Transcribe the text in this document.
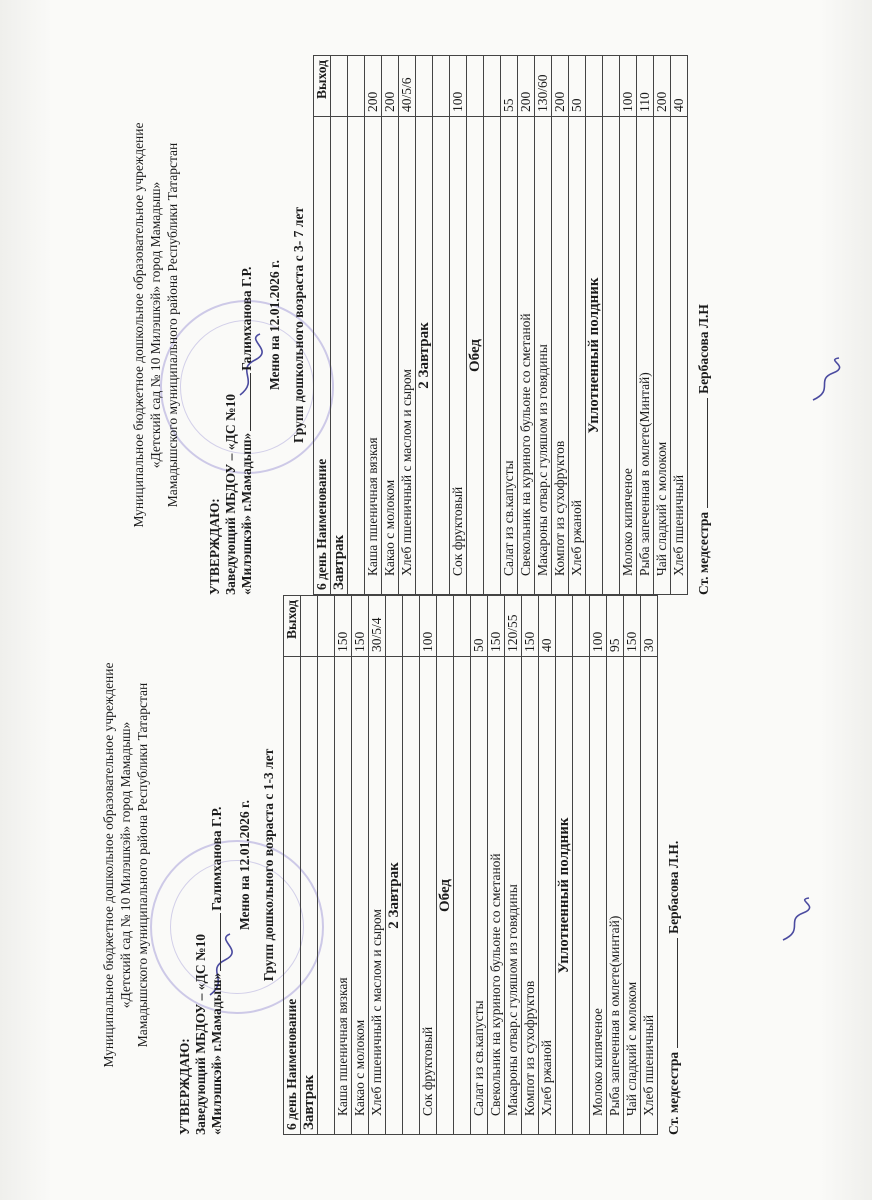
Муниципальное бюджетное дошкольное образовательное учреждение «Детский сад № 10 Милэшкэй» город Мамадыш» Мамадышского муниципального района Республики Татарстан
УТВЕРЖДАЮ: Заведующий МБДОУ – «ДС №10 «Милэшкэй» г.Мамадыш»Галимханова Г.Р. Меню на 12.01.2026 г. Групп дошкольного возраста с 1-3 лет
6 день Наименование	Выход
Завтрак	

Каша пшеничная вязкая	150
Какао с молоком	150
Хлеб пшеничный с маслом и сыром	30/5/4
2 Завтрак	

Сок фруктовый	100
Обед	

Салат из св.капусты	50
Свекольник на куриного бульоне со сметаной	150
Макароны отвар.с гуляшом из говядины	120/55
Компот из сухофруктов	150
Хлеб ржаной	40
Уплотненный полдник	

Молоко кипяченое	100
Рыба запеченная в омлете(минтай)	95
Чай сладкий с молоком	150
Хлеб пшеничный	30
Ст. медсестраБербасова Л.Н.
Муниципальное бюджетное дошкольное образовательное учреждение «Детский сад № 10 Милэшкэй» город Мамадыш» Мамадышского муниципального района Республики Татарстан
УТВЕРЖДАЮ: Заведующий МБДОУ – «ДС №10 «Милэшкэй» г.Мамадыш»Галимханова Г.Р. Меню на 12.01.2026 г. Групп дошкольного возраста с 3- 7 лет
6 день Наименование	Выход
Завтрак	

Каша пшеничная вязкая	200
Какао с молоком	200
Хлеб пшеничный с маслом и сыром	40/5/6
2 Завтрак	

Сок фруктовый	100
Обед	

Салат из св.капусты	55
Свекольник на куриного бульоне со сметаной	200
Макароны отвар.с гуляшом из говядины	130/60
Компот из сухофруктов	200
Хлеб ржаной	50
Уплотненный полдник	

Молоко кипяченое	100
Рыба запеченная в омлете(Минтай)	110
Чай сладкий с молоком	200
Хлеб пшеничный	40
Ст. медсестраБербасова Л.Н
